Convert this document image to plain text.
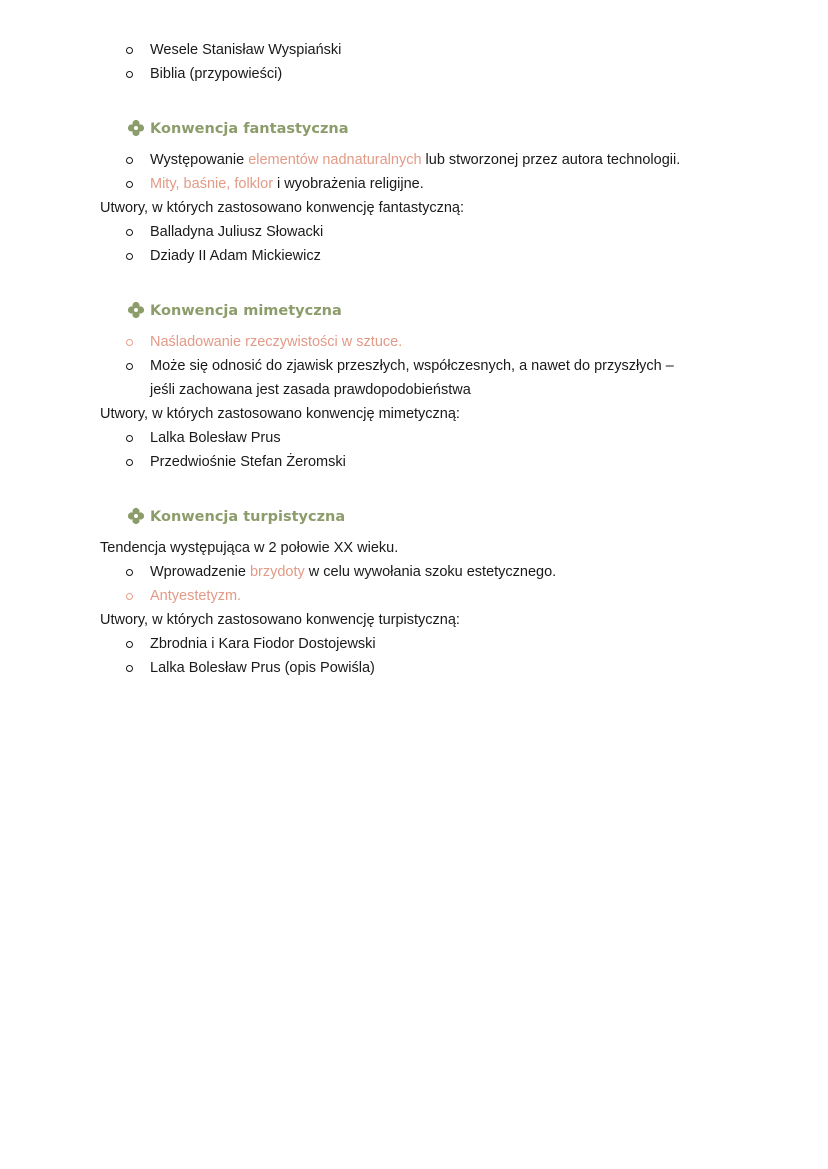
Wesele Stanisław Wyspiański
Biblia (przypowieści)
Konwencja fantastyczna
Występowanie elementów nadnaturalnych lub stworzonej przez autora technologii.
Mity, baśnie, folklor i wyobrażenia religijne.
Utwory, w których zastosowano konwencję fantastyczną:
Balladyna Juliusz Słowacki
Dziady II Adam Mickiewicz
Konwencja mimetyczna
Naśladowanie rzeczywistości w sztuce.
Może się odnosić do zjawisk przeszłych, współczesnych, a nawet do przyszłych –
jeśli zachowana jest zasada prawdopodobieństwa
Utwory, w których zastosowano konwencję mimetyczną:
Lalka Bolesław Prus
Przedwiośnie Stefan Żeromski
Konwencja turpistyczna
Tendencja występująca w 2 połowie XX wieku.
Wprowadzenie brzydoty w celu wywołania szoku estetycznego.
Antyestetyzm.
Utwory, w których zastosowano konwencję turpistyczną:
Zbrodnia i Kara Fiodor Dostojewski
Lalka Bolesław Prus (opis Powiśla)
